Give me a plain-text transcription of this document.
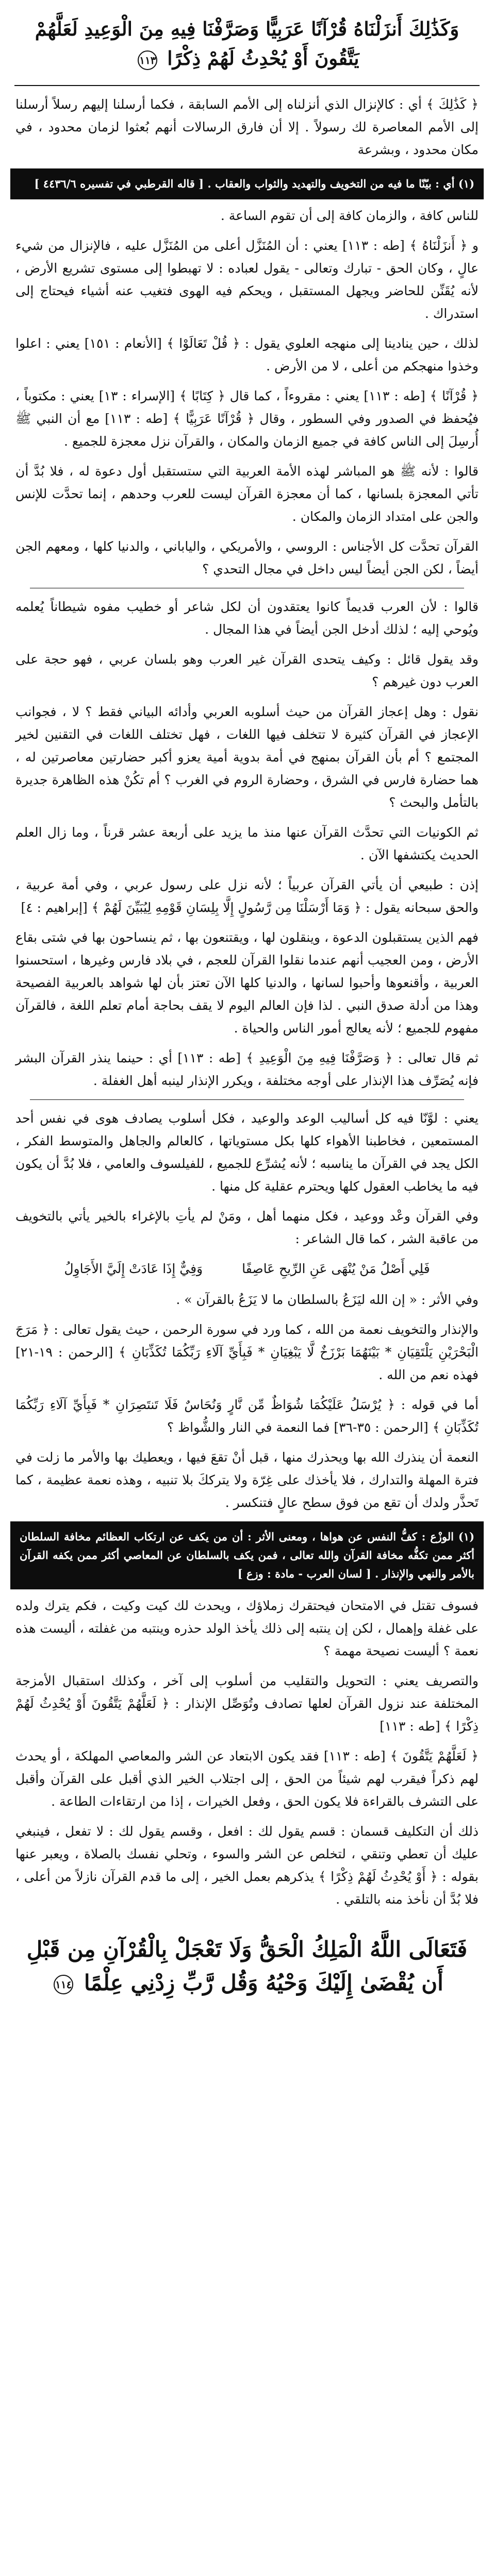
وَكَذَٰلِكَ أَنزَلْنَاهُ قُرْآنًا عَرَبِيًّا وَصَرَّفْنَا فِيهِ مِنَ الْوَعِيدِ لَعَلَّهُمْ يَتَّقُونَ أَوْ يُحْدِثُ لَهُمْ ذِكْرًا ١١٣

﴿ كَذَٰلِكَ ﴾ أي : كالإنزال الذي أنزلناه إلى الأمم السابقة ، فكما أرسلنا إليهم رسلاً أرسلنا إلى الأمم المعاصرة لك رسولاً . إلا أن فارق الرسالات أنهم بُعثوا لزمان محدود ، في مكان محدود ، وبشرعة

(١) أي : بيّنّا ما فيه من التخويف والتهديد والثواب والعقاب . [ قاله القرطبي في تفسيره ٤٤٣٦/٦ ]

للناس كافة ، والزمان كافة إلى أن تقوم الساعة .

و ﴿ أَنزَلْنَاهُ ﴾ [طه : ١١٣] يعني : أن المُنَزَّل أعلى من المُنَزَّل عليه ، فالإنزال من شيء عالٍ ، وكان الحق - تبارك وتعالى - يقول لعباده : لا تهبطوا إلى مستوى تشريع الأرض ، لأنه يُقَنِّن للحاضر ويجهل المستقبل ، ويحكم فيه الهوى فتغيب عنه أشياء فيحتاج إلى استدراك .

لذلك ، حين ينادينا إلى منهجه العلوي يقول : ﴿ قُلْ تَعَالَوْا ﴾ [الأنعام : ١٥١] يعني : اعلوا وخذوا منهجكم من أعلى ، لا من الأرض .

﴿ قُرْآنًا ﴾ [طه : ١١٣] يعني : مقروءاً ، كما قال ﴿ كِتَابًا ﴾ [الإسراء : ١٣] يعني : مكتوباً ، فيُحفظ في الصدور وفي السطور ، وقال ﴿ قُرْآنًا عَرَبِيًّا ﴾ [طه : ١١٣] مع أن النبي ﷺ أُرسِلَ إلى الناس كافة في جميع الزمان والمكان ، والقرآن نزل معجزة للجميع .

قالوا : لأنه ﷺ هو المباشر لهذه الأمة العربية التي ستستقبل أول دعوة له ، فلا بُدَّ أن تأتي المعجزة بلسانها ، كما أن معجزة القرآن ليست للعرب وحدهم ، إنما تحدَّت للإنس والجن على امتداد الزمان والمكان .

القرآن تحدَّت كل الأجناس : الروسي ، والأمريكي ، والياباني ، والدنيا كلها ، ومعهم الجن أيضاً ، لكن الجن أيضاً ليس داخل في مجال التحدي ؟

قالوا : لأن العرب قديماً كانوا يعتقدون أن لكل شاعر أو خطيب مفوه شيطاناً يُعلمه ويُوحي إليه ؛ لذلك أدخل الجن أيضاً في هذا المجال .

وقد يقول قائل : وكيف يتحدى القرآن غير العرب وهو بلسان عربي ، فهو حجة على العرب دون غيرهم ؟

نقول : وهل إعجاز القرآن من حيث أسلوبه العربي وأدائه البياني فقط ؟ لا ، فجوانب الإعجاز في القرآن كثيرة لا تتخلف فيها اللغات ، فهل تختلف اللغات في التقنين لخير المجتمع ؟ أم بأن القرآن بمنهج في أمة بدوية أمية يعزو أكبر حضارتين معاصرتين له ، هما حضارة فارس في الشرق ، وحضارة الروم في الغرب ؟ أم تكُنْ هذه الظاهرة جديرة بالتأمل والبحث ؟

ثم الكونيات التي تحدَّث القرآن عنها منذ ما يزيد على أربعة عشر قرناً ، وما زال العلم الحديث يكتشفها الآن .

إذن : طبيعي أن يأتي القرآن عربياً ؛ لأنه نزل على رسول عربي ، وفي أمة عربية ، والحق سبحانه يقول : ﴿ وَمَا أَرْسَلْنَا مِن رَّسُولٍ إِلَّا بِلِسَانِ قَوْمِهِ لِيُبَيِّنَ لَهُمْ ﴾ [إبراهيم : ٤]

فهم الذين يستقبلون الدعوة ، وينقلون لها ، ويقتنعون بها ، ثم ينساحون بها في شتى بقاع الأرض ، ومن العجيب أنهم عندما نقلوا القرآن للعجم ، في بلاد فارس وغيرها ، استحسنوا العربية ، وأقنعوها وأحبوا لسانها ، والدنيا كلها الآن تعتز بأن لها شواهد بالعربية الفصيحة وهذا من أدلة صدق النبي . لذا فإن العالم اليوم لا يقف بحاجة أمام تعلم اللغة ، فالقرآن مفهوم للجميع ؛ لأنه يعالج أمور الناس والحياة .

ثم قال تعالى : ﴿ وَصَرَّفْنَا فِيهِ مِنَ الْوَعِيدِ ﴾ [طه : ١١٣] أي : حينما ينذر القرآن البشر فإنه يُصَرِّف هذا الإنذار على أوجه مختلفة ، ويكرر الإنذار لينبه أهل الغفلة .

يعني : لوَّنّا فيه كل أساليب الوعد والوعيد ، فكل أسلوب يصادف هوى في نفس أحد المستمعين ، فخاطبنا الأهواء كلها بكل مستوياتها ، كالعالم والجاهل والمتوسط الفكر ، الكل يجد في القرآن ما يناسبه ؛ لأنه يُشرِّع للجميع ، للفيلسوف والعامي ، فلا بُدَّ أن يكون فيه ما يخاطب العقول كلها ويحترم عقلية كل منها .

وفي القرآن وعْد ووعيد ، فكل منهما أهل ، ومَنْ لم يأتِ بالإغراء بالخير يأتي بالتخويف من عاقبة الشر ، كما قال الشاعر :

فَلِي أَصْلُ مَنْ يُنْهَى عَنِ الرِّيحِ عَاصِفًا وَفِيٌّ إِذَا عَادَتْ إِلَيَّ الأَجَاوِلُ

وفي الأثر : « إن الله ليَزَعُ بالسلطان ما لا يَزَعُ بالقرآن » .

والإنذار والتخويف نعمة من الله ، كما ورد في سورة الرحمن ، حيث يقول تعالى : ﴿ مَرَجَ الْبَحْرَيْنِ يَلْتَقِيَانِ * بَيْنَهُمَا بَرْزَخٌ لَّا يَبْغِيَانِ * فَبِأَيِّ آلَاءِ رَبِّكُمَا تُكَذِّبَانِ ﴾ [الرحمن : ١٩-٢١] فهذه نعم من الله .

أما في قوله : ﴿ يُرْسَلُ عَلَيْكُمَا شُوَاظٌ مِّن نَّارٍ وَنُحَاسٌ فَلَا تَنتَصِرَانِ * فَبِأَيِّ آلَاءِ رَبِّكُمَا تُكَذِّبَانِ ﴾ [الرحمن : ٣٥-٣٦] فما النعمة في النار والشُّواظ ؟

النعمة أن ينذرك الله بها ويحذرك منها ، قبل أنْ تقعَ فيها ، ويعطيك بها والأمر ما زلت في فترة المهلة والتدارك ، فلا يأخذك على غِرّة ولا يترككَ بلا تنبيه ، وهذه نعمة عظيمة ، كما تَحذَّر ولدك أن تقع من فوق سطح عالٍ فتنكسر .

(١) الوزْع : كفُّ النفس عن هواها ، ومعنى الأثر : أن من يكف عن ارتكاب العظائم مخافة السلطان أكثر ممن تكفُّه مخافة القرآن والله تعالى ، فمن يكف بالسلطان عن المعاصي أكثر ممن يكفه القرآن بالأمر والنهي والإنذار . [ لسان العرب - مادة : وزع ]

فسوف تقتل في الامتحان فيحتقرك زملاؤك ، ويحدث لك كيت وكيت ، فكم يترك ولده على غفلة وإهمال ، لكن إن ينتبه إلى ذلك يأخذ الولد حذره وينتبه من غفلته ، أليست هذه نعمة ؟ أليست نصيحة مهمة ؟

والتصريف يعني : التحويل والتقليب من أسلوب إلى آخر ، وكذلك استقبال الأمزجة المختلفة عند نزول القرآن لعلها تصادف وتُوَصِّل الإنذار : ﴿ لَعَلَّهُمْ يَتَّقُونَ أَوْ يُحْدِثُ لَهُمْ ذِكْرًا ﴾ [طه : ١١٣]

﴿ لَعَلَّهُمْ يَتَّقُونَ ﴾ [طه : ١١٣] فقد يكون الابتعاد عن الشر والمعاصي المهلكة ، أو يحدث لهم ذكراً فيقرب لهم شيئاً من الحق ، إلى اجتلاب الخير الذي أقبل على القرآن وأقبل على التشرف بالقراءة فلا يكون الحق ، وفعل الخيرات ، إذا من ارتقاءات الطاعة .

ذلك أن التكليف قسمان : قسم يقول لك : افعل ، وقسم يقول لك : لا تفعل ، فينبغي عليك أن تعطي وتنقي ، لتخلص عن الشر والسوء ، وتحلي نفسك بالصلاة ، ويعبر عنها بقوله : ﴿ أَوْ يُحْدِثُ لَهُمْ ذِكْرًا ﴾ يذكرهم بعمل الخير ، إلى ما قدم القرآن نازلاً من أعلى ، فلا بُدَّ أن نأخذ منه بالتلقي .

فَتَعَالَى اللَّهُ الْمَلِكُ الْحَقُّ وَلَا تَعْجَلْ بِالْقُرْآنِ مِن قَبْلِ أَن يُقْضَىٰ إِلَيْكَ وَحْيُهُ وَقُل رَّبِّ زِدْنِي عِلْمًا ١١٤
